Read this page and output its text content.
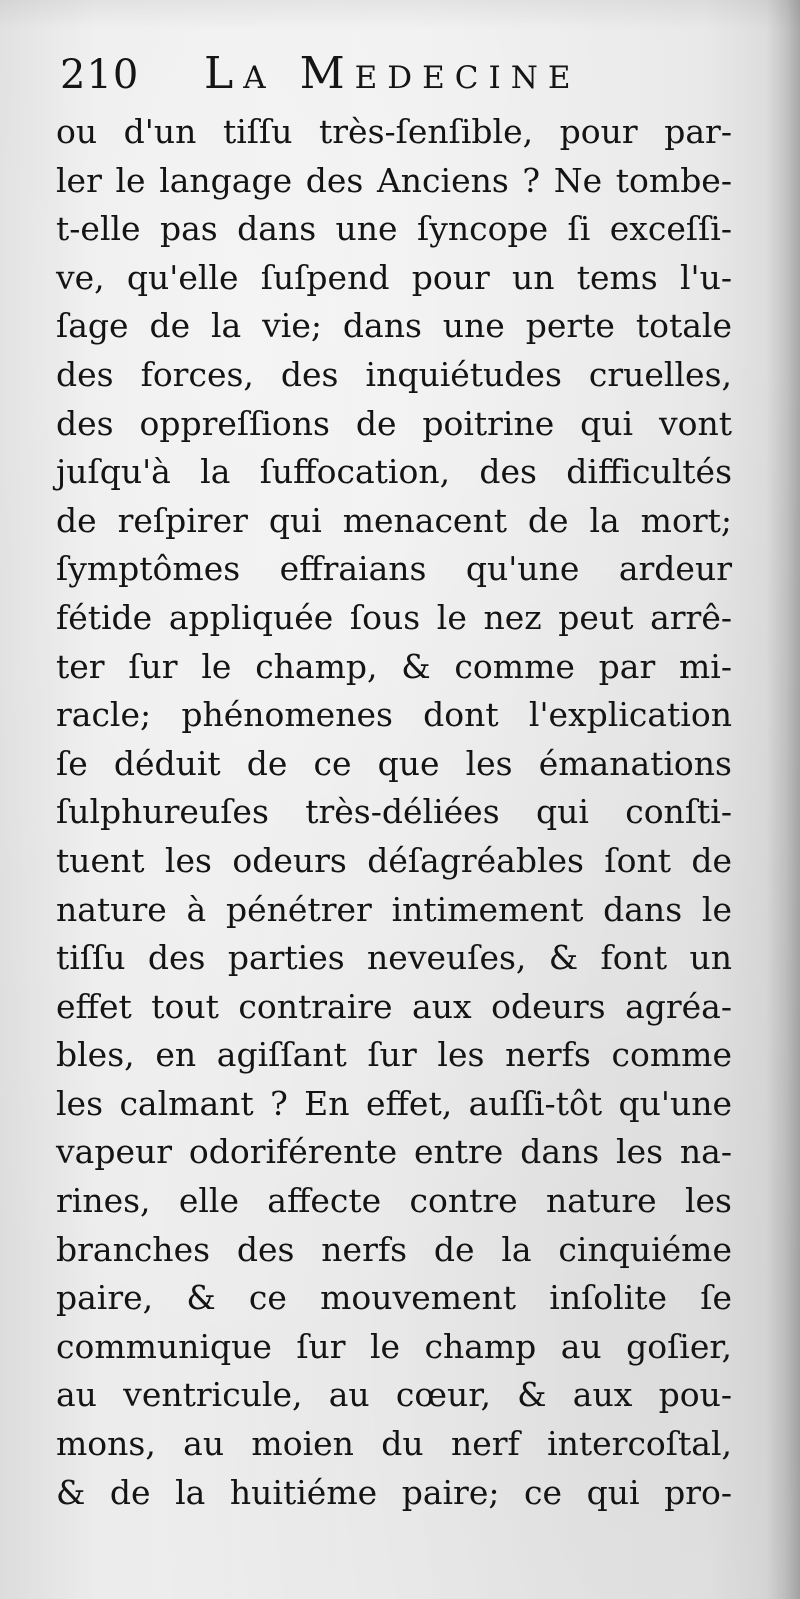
210 La Medecine
ou d'un tiſſu très-ſenſible, pour par-
ler le langage des Anciens ? Ne tombe-
t-elle pas dans une ſyncope ſi exceſſi-
ve, qu'elle ſuſpend pour un tems l'u-
ſage de la vie; dans une perte totale
des forces, des inquiétudes cruelles,
des oppreſſions de poitrine qui vont
juſqu'à la ſuffocation, des difficultés
de reſpirer qui menacent de la mort;
ſymptômes effraians qu'une ardeur
fétide appliquée ſous le nez peut arrê-
ter ſur le champ, & comme par mi-
racle; phénomenes dont l'explication
ſe déduit de ce que les émanations
ſulphureuſes très-déliées qui conſti-
tuent les odeurs déſagréables ſont de
nature à pénétrer intimement dans le
tiſſu des parties neveuſes, & font un
effet tout contraire aux odeurs agréa-
bles, en agiſſant ſur les nerfs comme
les calmant ? En effet, auſſi-tôt qu'une
vapeur odoriférente entre dans les na-
rines, elle affecte contre nature les
branches des nerfs de la cinquiéme
paire, & ce mouvement inſolite ſe
communique ſur le champ au goſier,
au ventricule, au cœur, & aux pou-
mons, au moien du nerf intercoſtal,
& de la huitiéme paire; ce qui pro-
